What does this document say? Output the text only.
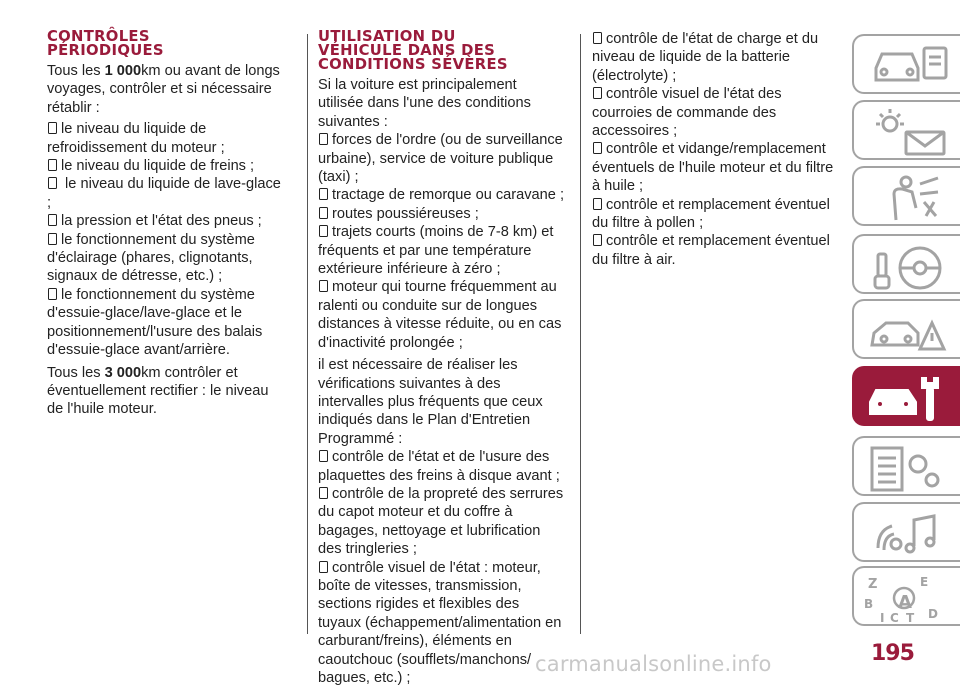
CONTRÔLES
PÉRIODIQUES

Tous les 1 000km ou avant de longs voyages, contrôler et si nécessaire rétablir :

le niveau du liquide de refroidissement du moteur ;
le niveau du liquide de freins ;
le niveau du liquide de lave-glace ;
la pression et l'état des pneus ;
le fonctionnement du système d'éclairage (phares, clignotants, signaux de détresse, etc.) ;
le fonctionnement du système d'essuie-glace/lave-glace et le positionnement/l'usure des balais d'essuie-glace avant/arrière.

Tous les 3 000km contrôler et éventuellement rectifier : le niveau de l'huile moteur.

UTILISATION DU
VÉHICULE DANS DES
CONDITIONS SÉVÈRES

Si la voiture est principalement utilisée dans l'une des conditions suivantes :

forces de l'ordre (ou de surveillance urbaine), service de voiture publique (taxi) ;
tractage de remorque ou caravane ;
routes poussiéreuses ;
trajets courts (moins de 7-8 km) et fréquents et par une température extérieure inférieure à zéro ;
moteur qui tourne fréquemment au ralenti ou conduite sur de longues distances à vitesse réduite, ou en cas d'inactivité prolongée ;

il est nécessaire de réaliser les vérifications suivantes à des intervalles plus fréquents que ceux indiqués dans le Plan d'Entretien Programmé :

contrôle de l'état et de l'usure des plaquettes des freins à disque avant ;
contrôle de la propreté des serrures du capot moteur et du coffre à bagages, nettoyage et lubrification des tringleries ;
contrôle visuel de l'état : moteur, boîte de vitesses, transmission, sections rigides et flexibles des tuyaux (échappement/alimentation en carburant/freins), éléments en caoutchouc (soufflets/manchons/ bagues, etc.) ;
contrôle de l'état de charge et du niveau de liquide de la batterie (électrolyte) ;
contrôle visuel de l'état des courroies de commande des accessoires ;
contrôle et vidange/remplacement éventuels de l'huile moteur et du filtre à huile ;
contrôle et remplacement éventuel du filtre à pollen ;
contrôle et remplacement éventuel du filtre à air.
Z	E
B A
D
I C T
195
carmanualsonline.info
